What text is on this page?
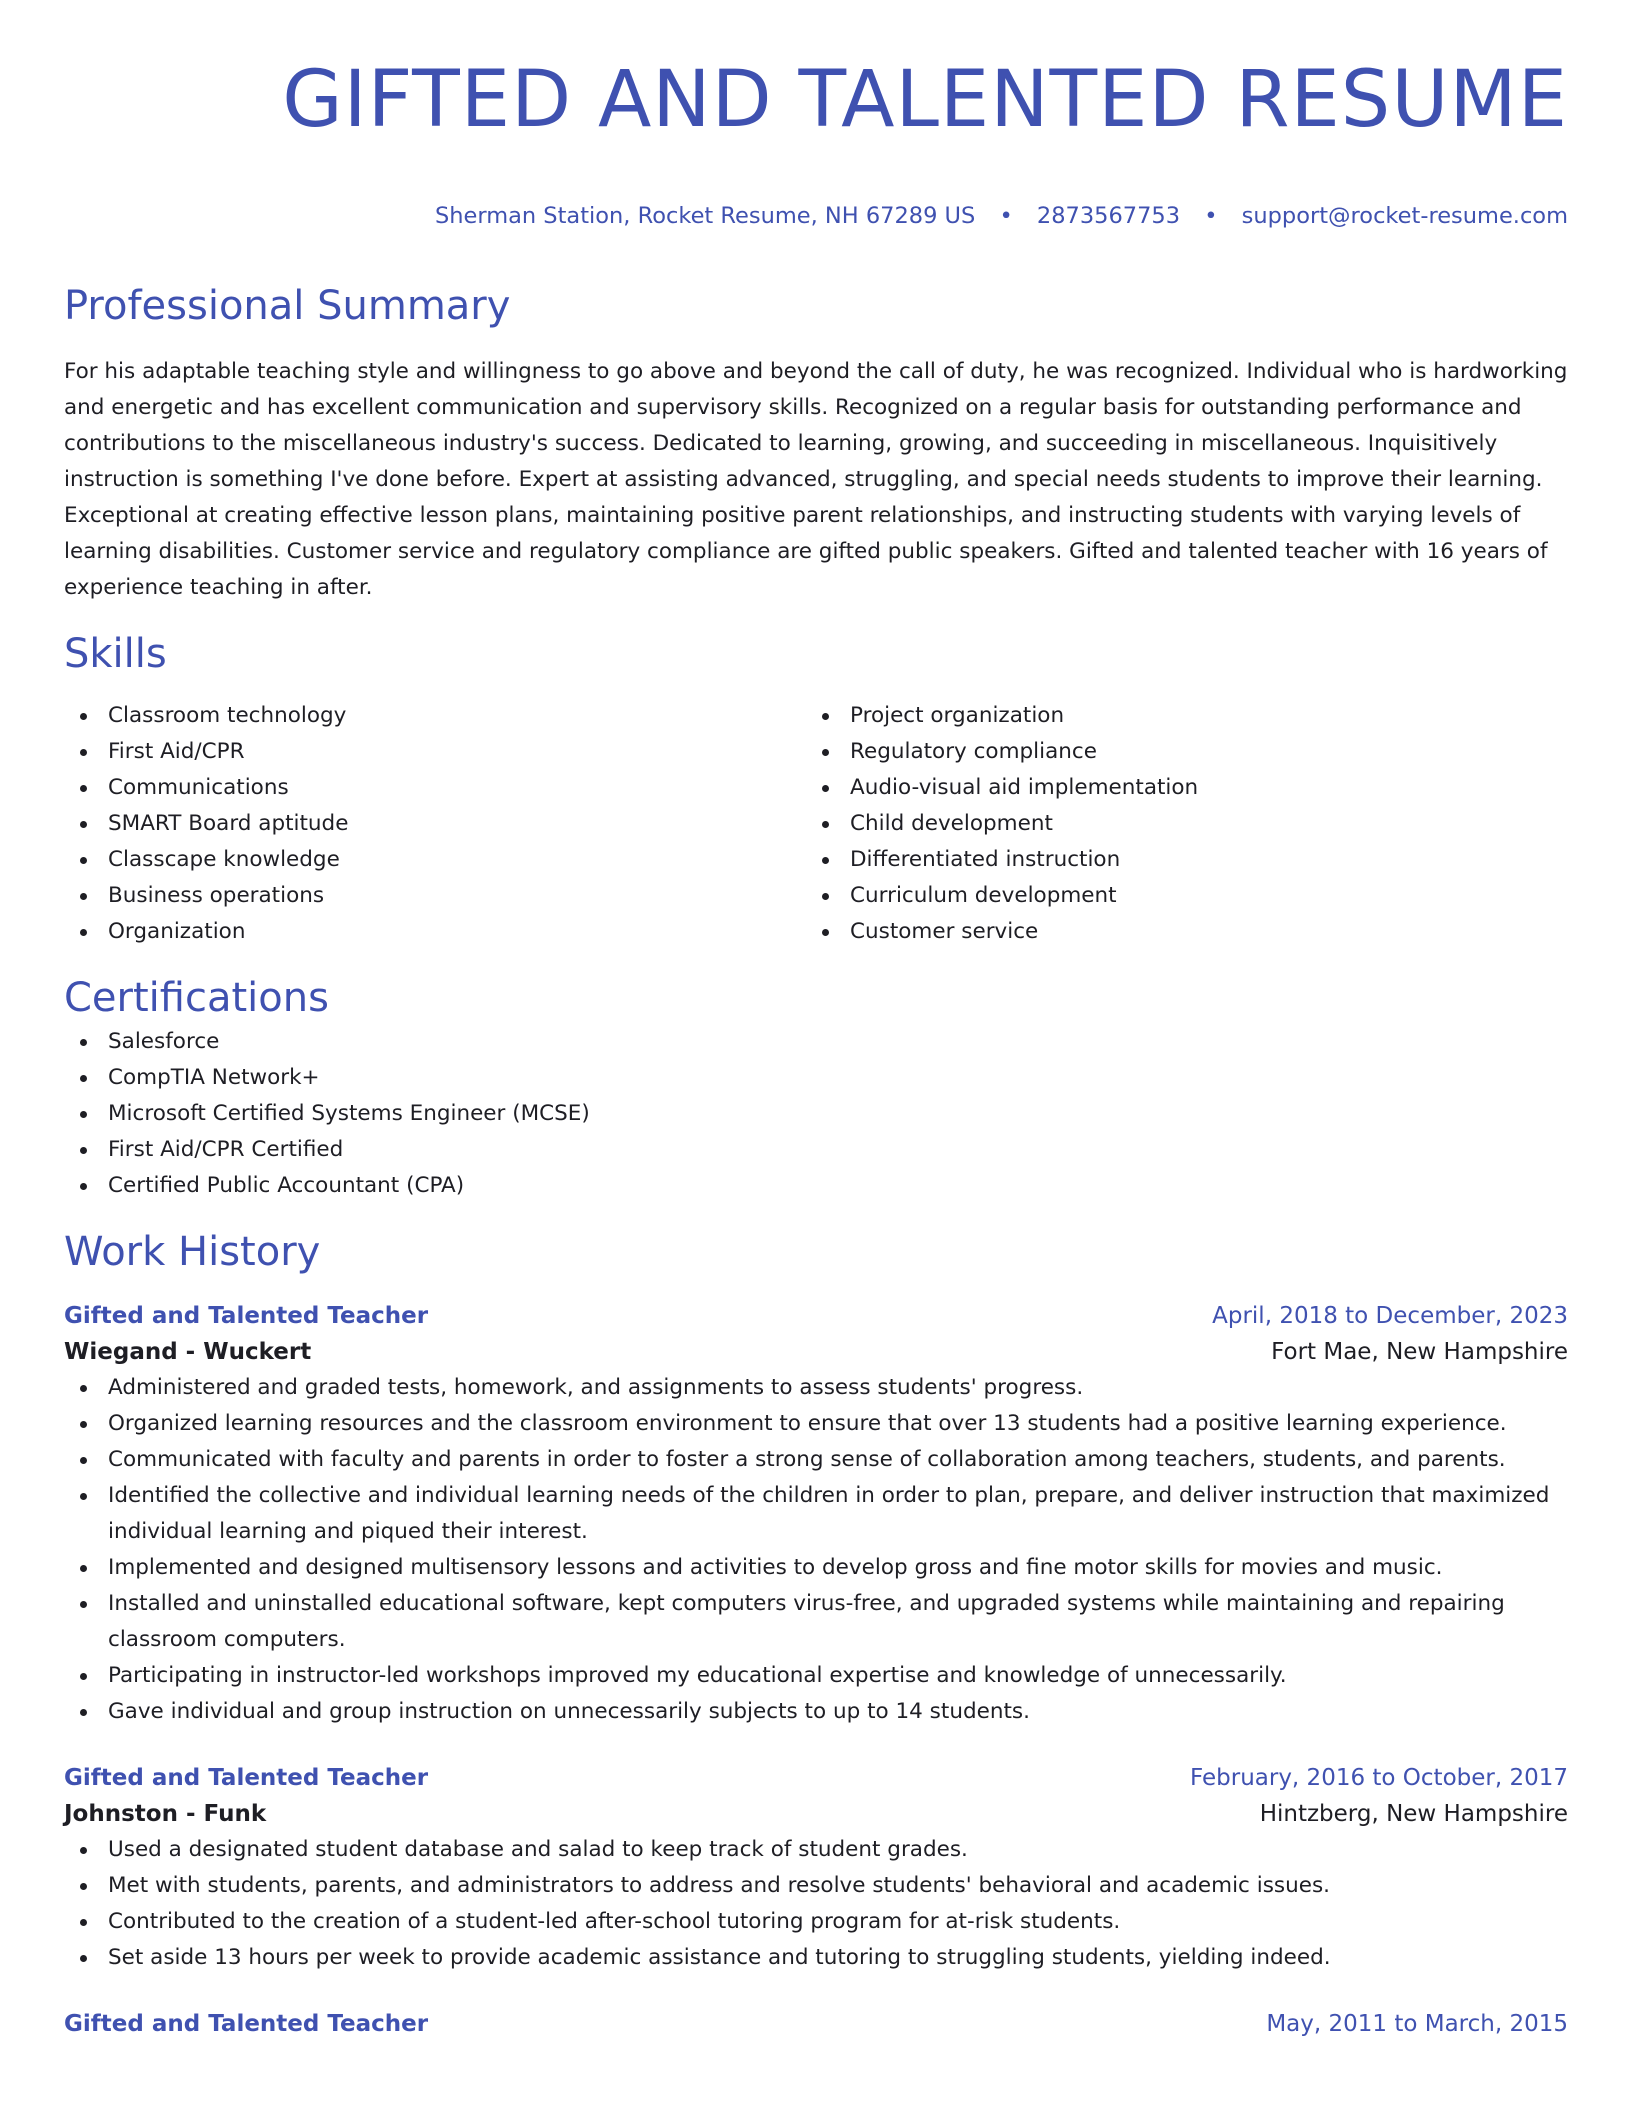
GIFTED AND TALENTED RESUME
Sherman Station, Rocket Resume, NH 67289 US • 2873567753 • support@rocket-resume.com
Professional Summary
For his adaptable teaching style and willingness to go above and beyond the call of duty, he was recognized. Individual who is hardworking and energetic and has excellent communication and supervisory skills. Recognized on a regular basis for outstanding performance and contributions to the miscellaneous industry's success. Dedicated to learning, growing, and succeeding in miscellaneous. Inquisitively instruction is something I've done before. Expert at assisting advanced, struggling, and special needs students to improve their learning. Exceptional at creating effective lesson plans, maintaining positive parent relationships, and instructing students with varying levels of learning disabilities. Customer service and regulatory compliance are gifted public speakers. Gifted and talented teacher with 16 years of experience teaching in after.
Skills
Classroom technology
First Aid/CPR
Communications
SMART Board aptitude
Classcape knowledge
Business operations
Organization
Project organization
Regulatory compliance
Audio-visual aid implementation
Child development
Differentiated instruction
Curriculum development
Customer service
Certifications
Salesforce
CompTIA Network+
Microsoft Certified Systems Engineer (MCSE)
First Aid/CPR Certified
Certified Public Accountant (CPA)
Work History
Gifted and Talented Teacher	April, 2018 to December, 2023
Wiegand - Wuckert	Fort Mae, New Hampshire
Administered and graded tests, homework, and assignments to assess students' progress.
Organized learning resources and the classroom environment to ensure that over 13 students had a positive learning experience.
Communicated with faculty and parents in order to foster a strong sense of collaboration among teachers, students, and parents.
Identified the collective and individual learning needs of the children in order to plan, prepare, and deliver instruction that maximized individual learning and piqued their interest.
Implemented and designed multisensory lessons and activities to develop gross and fine motor skills for movies and music.
Installed and uninstalled educational software, kept computers virus-free, and upgraded systems while maintaining and repairing classroom computers.
Participating in instructor-led workshops improved my educational expertise and knowledge of unnecessarily.
Gave individual and group instruction on unnecessarily subjects to up to 14 students.
Gifted and Talented Teacher	February, 2016 to October, 2017
Johnston - Funk	Hintzberg, New Hampshire
Used a designated student database and salad to keep track of student grades.
Met with students, parents, and administrators to address and resolve students' behavioral and academic issues.
Contributed to the creation of a student-led after-school tutoring program for at-risk students.
Set aside 13 hours per week to provide academic assistance and tutoring to struggling students, yielding indeed.
Gifted and Talented Teacher	May, 2011 to March, 2015
